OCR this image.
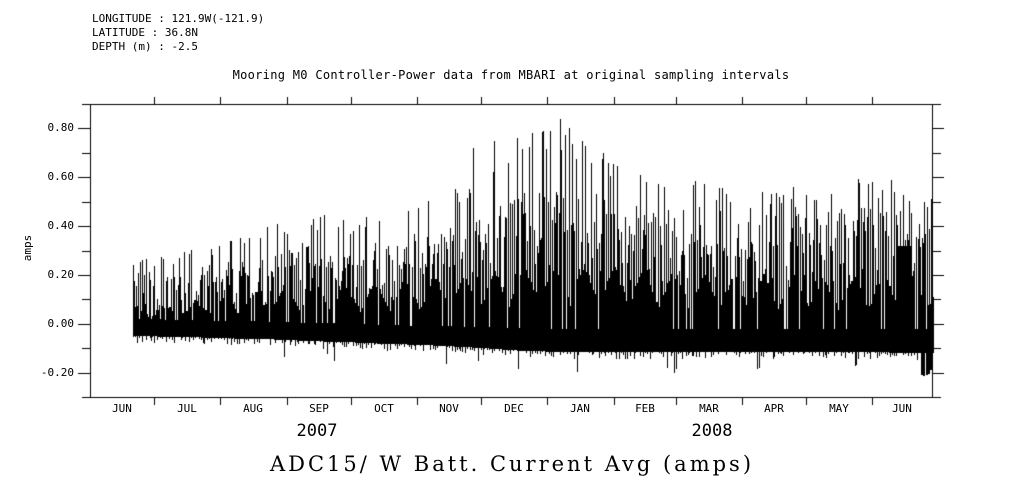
LONGITUDE : 121.9W(-121.9)
LATITUDE : 36.8N
DEPTH (m) : -2.5
Mooring M0 Controller-Power data from MBARI at original sampling intervals
amps
ADC15/ W Batt. Current Avg (amps)
0.80
0.60
0.40
0.20
0.00
-0.20
JUN	JUL	AUG	SEP	OCT	NOV	DEC	JAN	FEB	MAR	APR	MAY	JUN
2007	2008
